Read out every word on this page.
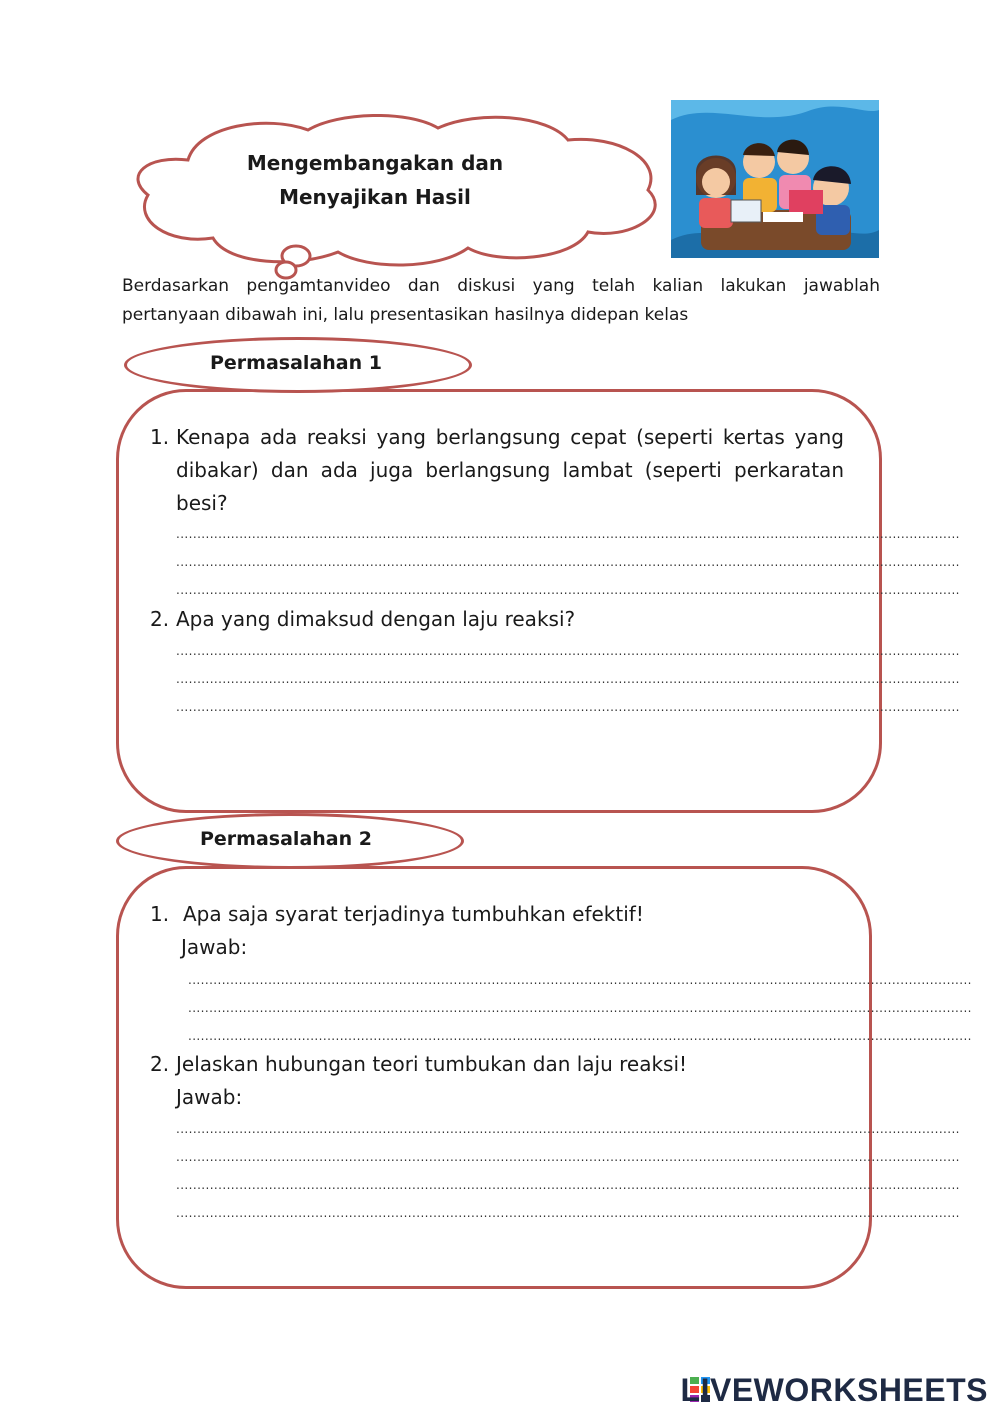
Mengembangakan dan
Menyajikan Hasil
Berdasarkan pengamtanvideo dan diskusi yang telah kalian lakukan jawablah pertanyaan dibawah ini, lalu presentasikan hasilnya didepan kelas
Permasalahan 1
1. Kenapa ada reaksi yang berlangsung cepat (seperti kertas yang dibakar) dan ada juga berlangsung lambat (seperti perkaratan besi?
..........................................................................................................................................................................................
..........................................................................................................................................................................................
..........................................................................................................................................................................................
2. Apa yang dimaksud dengan laju reaksi?
..........................................................................................................................................................................................
..........................................................................................................................................................................................
..........................................................................................................................................................................................
Permasalahan 2
1. Apa saja syarat terjadinya tumbuhkan efektif!
Jawab:
..........................................................................................................................................................................................
..........................................................................................................................................................................................
..........................................................................................................................................................................................
2. Jelaskan hubungan teori tumbukan dan laju reaksi!
Jawab:
..........................................................................................................................................................................................
..........................................................................................................................................................................................
..........................................................................................................................................................................................
..........................................................................................................................................................................................
LIVEWORKSHEETS
